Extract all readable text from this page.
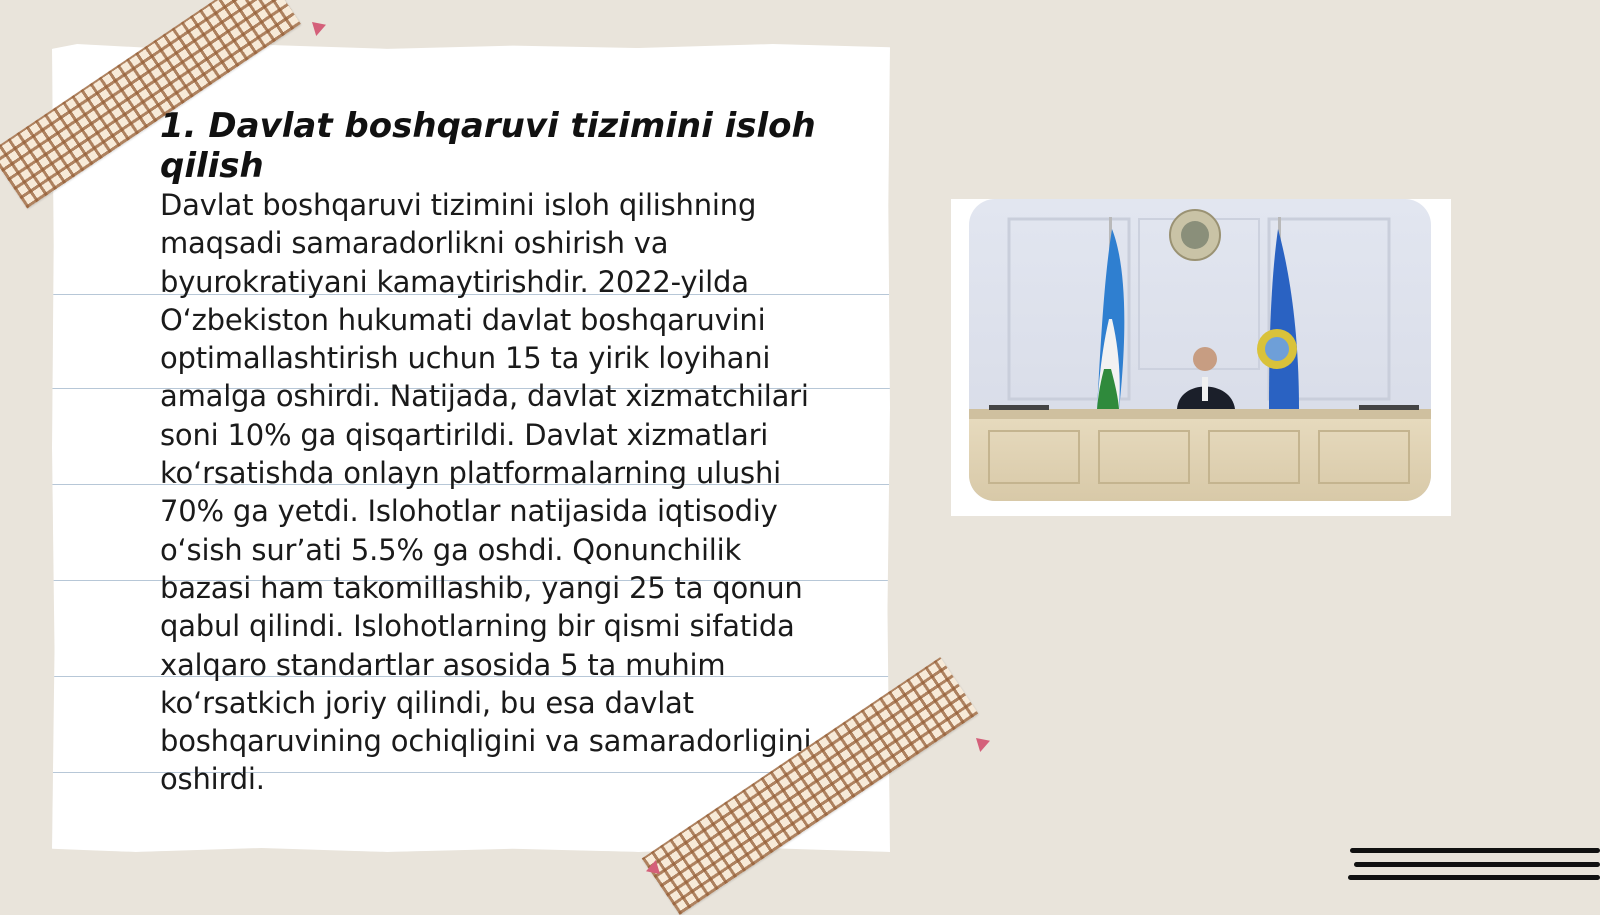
1. Davlat boshqaruvi tizimini isloh qilish

Davlat boshqaruvi tizimini isloh qilishning maqsadi samaradorlikni oshirish va byurokratiyani kamaytirishdir. 2022-yilda O‘zbekiston hukumati davlat boshqaruvini optimallashtirish uchun 15 ta yirik loyihani amalga oshirdi. Natijada, davlat xizmatchilari soni 10% ga qisqartirildi. Davlat xizmatlari ko‘rsatishda onlayn platformalarning ulushi 70% ga yetdi. Islohotlar natijasida iqtisodiy o‘sish sur’ati 5.5% ga oshdi. Qonunchilik bazasi ham takomillashib, yangi 25 ta qonun qabul qilindi. Islohotlarning bir qismi sifatida xalqaro standartlar asosida 5 ta muhim ko‘rsatkich joriy qilindi, bu esa davlat boshqaruvining ochiqligini va samaradorligini oshirdi.
